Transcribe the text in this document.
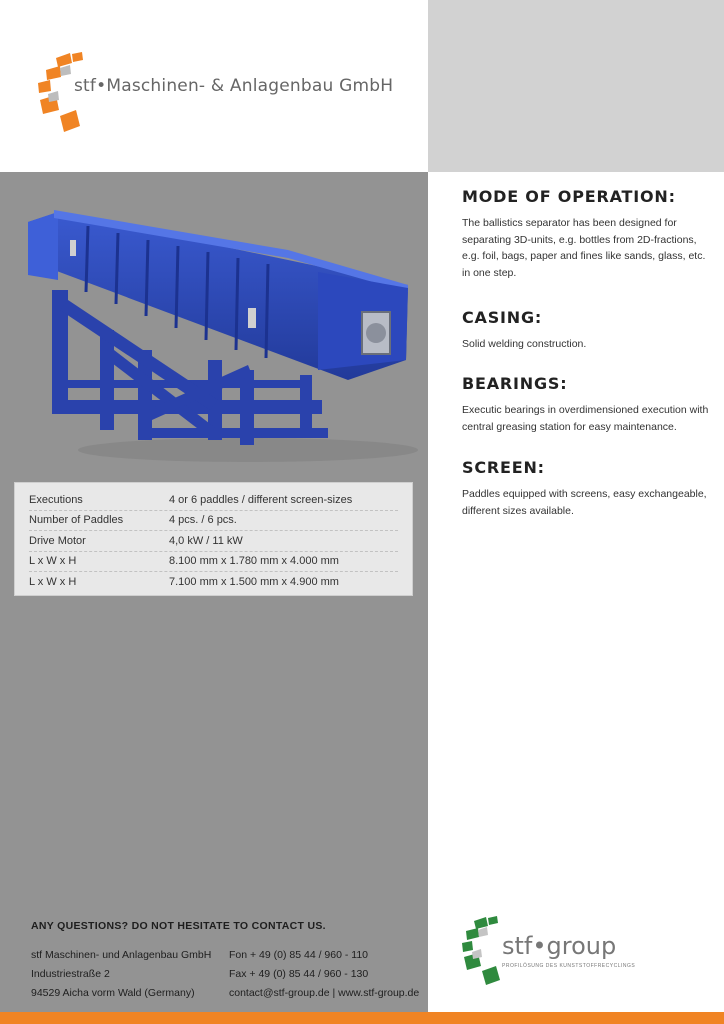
stf•Maschinen- & Anlagenbau GmbH
Executions	4 or 6 paddles / different screen-sizes
Number of Paddles	4 pcs. / 6 pcs.
Drive Motor	4,0 kW / 11 kW
L x W x H	8.100 mm x 1.780 mm x 4.000 mm
L x W x H	7.100 mm x 1.500 mm x 4.900 mm
MODE OF OPERATION:

The ballistics separator has been designed for separating 3D-units, e.g. bottles from 2D-fractions, e.g. foil, bags, paper and fines like sands, glass, etc. in one step.

CASING:

Solid welding construction.

BEARINGS:

Executic bearings in overdimensioned execution with central greasing station for easy maintenance.

SCREEN:

Paddles equipped with screens, easy exchangeable, different sizes available.

ANY QUESTIONS? DO NOT HESITATE TO CONTACT US.
stf Maschinen- und Anlagenbau GmbH
Industriestraße 2
94529 Aicha vorm Wald (Germany)
Fon + 49 (0) 85 44 / 960 - 110
Fax + 49 (0) 85 44 / 960 - 130
contact@stf-group.de | www.stf-group.de
stf•group
PROFILÖSUNG DES KUNSTSTOFFRECYCLINGS
